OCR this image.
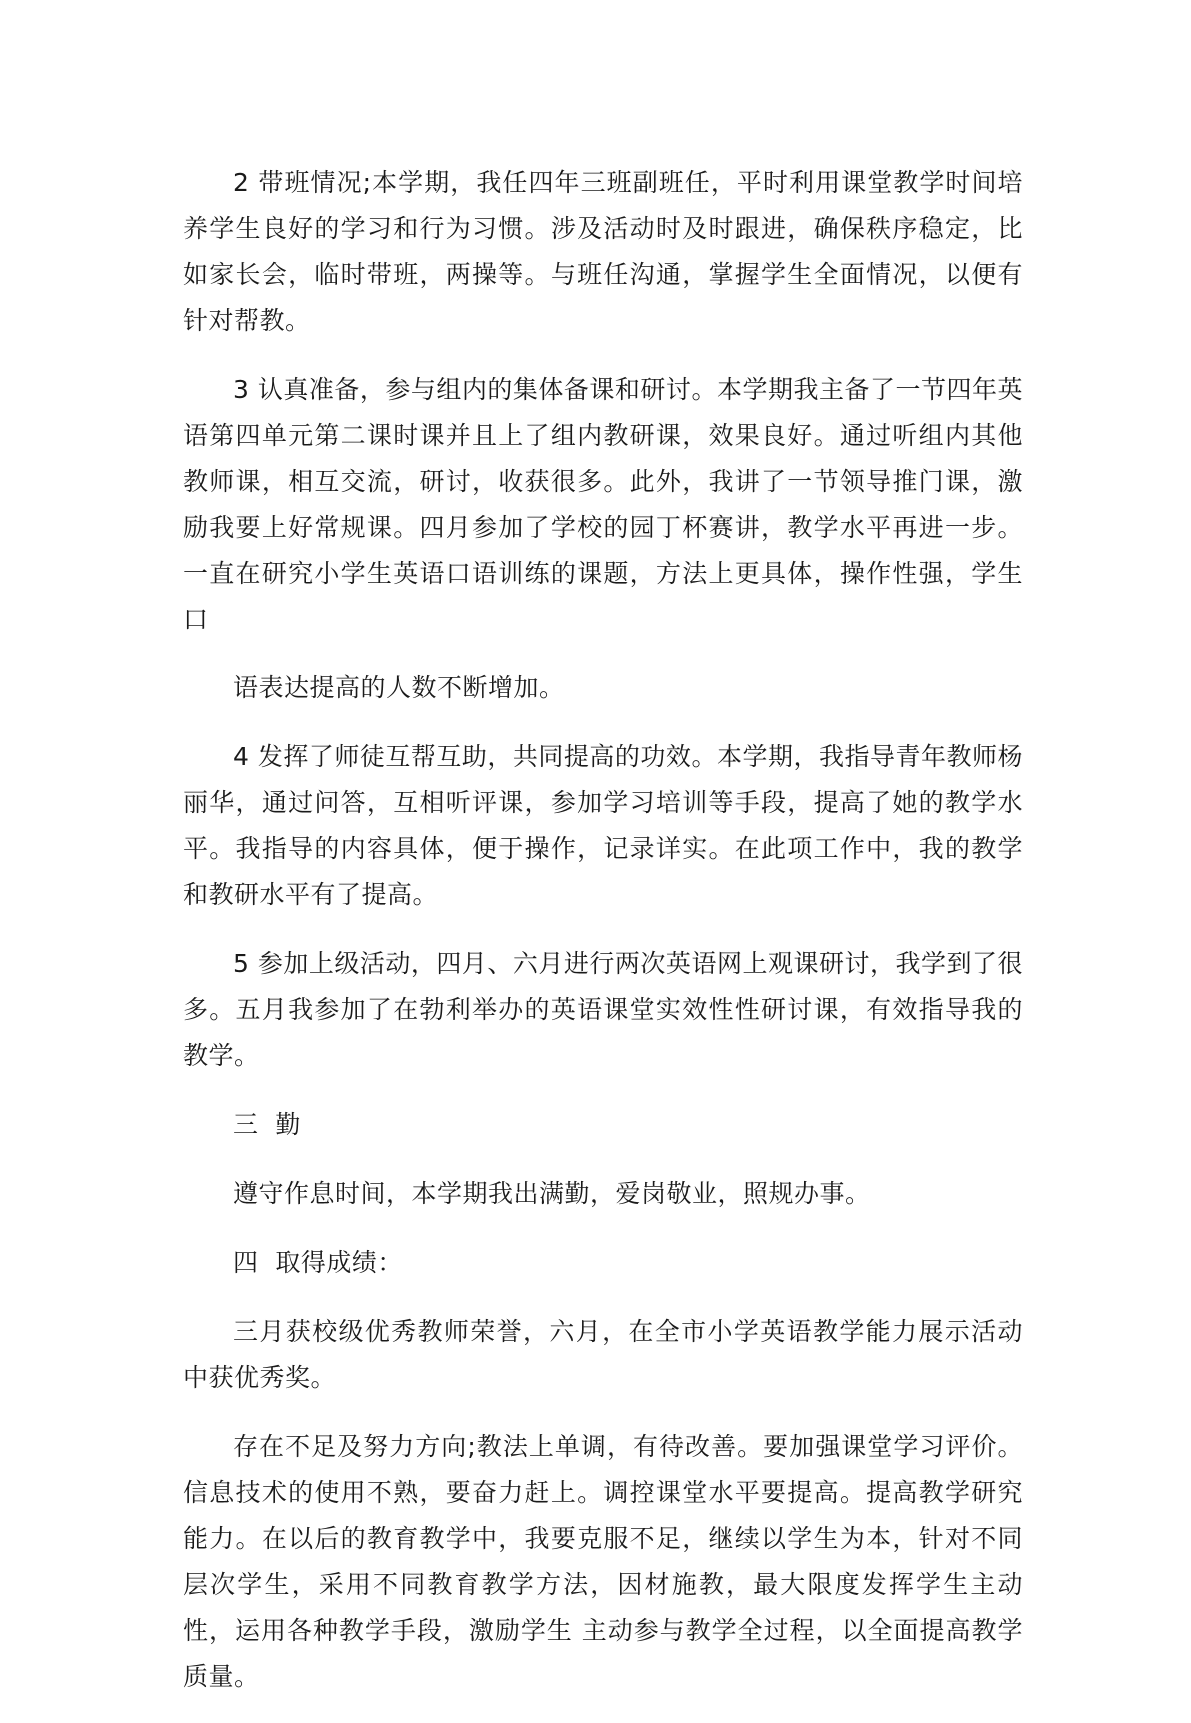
2 带班情况;本学期，我任四年三班副班任，平时利用课堂教学时间培养学生良好的学习和行为习惯。涉及活动时及时跟进，确保秩序稳定，比如家长会，临时带班，两操等。与班任沟通，掌握学生全面情况，以便有针对帮教。

3 认真准备，参与组内的集体备课和研讨。本学期我主备了一节四年英语第四单元第二课时课并且上了组内教研课，效果良好。通过听组内其他教师课，相互交流，研讨，收获很多。此外，我讲了一节领导推门课，激励我要上好常规课。四月参加了学校的园丁杯赛讲，教学水平再进一步。一直在研究小学生英语口语训练的课题，方法上更具体，操作性强，学生口

语表达提高的人数不断增加。

4 发挥了师徒互帮互助，共同提高的功效。本学期，我指导青年教师杨丽华，通过问答，互相听评课，参加学习培训等手段，提高了她的教学水平。我指导的内容具体，便于操作，记录详实。在此项工作中，我的教学和教研水平有了提高。

5 参加上级活动，四月、六月进行两次英语网上观课研讨，我学到了很多。五月我参加了在勃利举办的英语课堂实效性性研讨课，有效指导我的教学。

三  勤

遵守作息时间，本学期我出满勤，爱岗敬业，照规办事。

四  取得成绩：

三月获校级优秀教师荣誉，六月，在全市小学英语教学能力展示活动中获优秀奖。

存在不足及努力方向;教法上单调，有待改善。要加强课堂学习评价。信息技术的使用不熟，要奋力赶上。调控课堂水平要提高。提高教学研究能力。在以后的教育教学中，我要克服不足，继续以学生为本，针对不同层次学生，采用不同教育教学方法，因材施教，最大限度发挥学生主动性，运用各种教学手段，激励学生 主动参与教学全过程，以全面提高教学质量。
